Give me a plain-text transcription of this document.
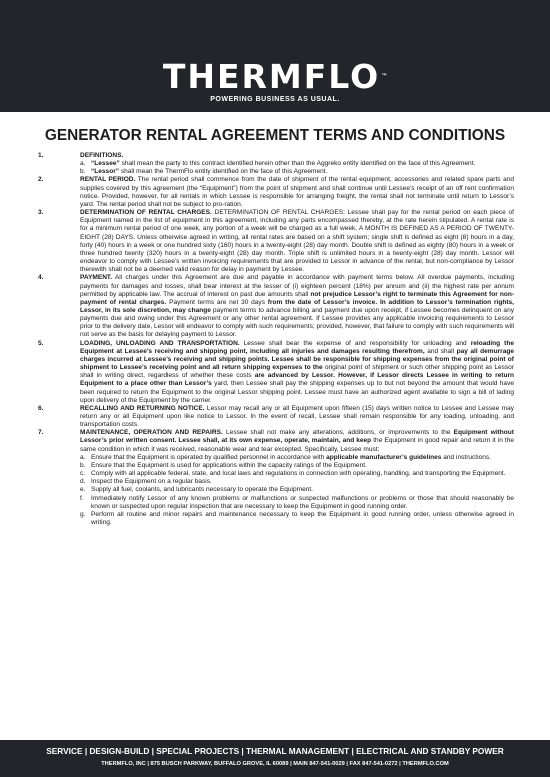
THERMFLO™
POWERING BUSINESS AS USUAL.
GENERATOR RENTAL AGREEMENT TERMS AND CONDITIONS
1.	DEFINITIONS.
a. “Lessee” shall mean the party to this contract identified herein other than the Aggreko entity identified on the face of this Agreement.
b. “Lessor” shall mean the ThermFlo entity identified on the face of this Agreement.
2.	RENTAL PERIOD. The rental period shall commence from the date of shipment of the rental equipment, accessories and related spare parts and supplies covered by this agreement (the “Equipment”) from the point of shipment and shall continue until Lessee’s receipt of an off rent confirmation notice. Provided, however, for all rentals in which Lessee is responsible for arranging freight, the rental shall not terminate until return to Lessor’s yard. The rental period shall not be subject to pro-ration.
3.	DETERMINATION OF RENTAL CHARGES. DETERMINATION OF RENTAL CHARGES: Lessee shall pay for the rental period on each piece of Equipment named in the list of equipment in this agreement, including any parts encompassed thereby, at the rate herein stipulated. A rental rate is for a minimum rental period of one week, any portion of a week will be charged as a full week. A MONTH IS DEFINED AS A PERIOD OF TWENTY-EIGHT (28) DAYS. Unless otherwise agreed in writing, all rental rates are based on a shift system; single shift is defined as eight (8) hours in a day, forty (40) hours in a week or one hundred sixty (160) hours in a twenty-eight (28) day month. Double shift is defined as eighty (80) hours in a week or three hundred twenty (320) hours in a twenty-eight (28) day month. Triple shift is unlimited hours in a twenty-eight (28) day month. Lessor will endeavor to comply with Lessee’s written invoicing requirements that are provided to Lessor in advance of the rental, but non-compliance by Lessor therewith shall not be a deemed valid reason for delay in payment by Lessee.
4.	PAYMENT. All charges under this Agreement are due and payable in accordance with payment terms below. All overdue payments, including payments for damages and losses, shall bear interest at the lesser of (i) eighteen percent (18%) per annum and (ii) the highest rate per annum permitted by applicable law. The accrual of interest on past due amounts shall not prejudice Lessor’s right to terminate this Agreement for non-payment of rental charges. Payment terms are net 30 days from the date of Lessor’s invoice. In addition to Lessor’s termination rights, Lessor, in its sole discretion, may change payment terms to advance billing and payment due upon receipt, if Lessee becomes delinquent on any payments due and owing under this Agreement or any other rental agreement. If Lessee provides any applicable invoicing requirements to Lessor prior to the delivery date, Lessor will endeavor to comply with such requirements; provided, however, that failure to comply with such requirements will not serve as the basis for delaying payment to Lessor.
5.	LOADING, UNLOADING AND TRANSPORTATION. Lessee shall bear the expense of and responsibility for unloading and reloading the Equipment at Lessee’s receiving and shipping point, including all injuries and damages resulting therefrom, and shall pay all demurrage charges incurred at Lessee’s receiving and shipping points. Lessee shall be responsible for shipping expenses from the original point of shipment to Lessee’s receiving point and all return shipping expenses to the original point of shipment or such other shipping point as Lessor shall in writing direct, regardless of whether these costs are advanced by Lessor. However, if Lessor directs Lessee in writing to return Equipment to a place other than Lessor’s yard, then Lessee shall pay the shipping expenses up to but not beyond the amount that would have been required to return the Equipment to the original Lessor shipping point. Lessee must have an authorized agent available to sign a bill of lading upon delivery of the Equipment by the carrier.
6.	RECALLING AND RETURNING NOTICE. Lessor may recall any or all Equipment upon fifteen (15) days written notice to Lessee and Lessee may return any or all Equipment upon like notice to Lessor. In the event of recall, Lessee shall remain responsible for any loading, unloading, and transportation costs.
7.	MAINTENANCE, OPERATION AND REPAIRS. Lessee shall not make any alterations, additions, or improvements to the Equipment without Lessor’s prior written consent. Lessee shall, at its own expense, operate, maintain, and keep the Equipment in good repair and return it in the same condition in which it was received, reasonable wear and tear excepted. Specifically, Lessee must:
a. Ensure that the Equipment is operated by qualified personnel in accordance with applicable manufacturer’s guidelines and instructions.
b. Ensure that the Equipment is used for applications within the capacity ratings of the Equipment.
c. Comply with all applicable federal, state, and local laws and regulations in connection with operating, handling, and transporting the Equipment.
d. Inspect the Equipment on a regular basis.
e. Supply all fuel, coolants, and lubricants necessary to operate the Equipment.
f. Immediately notify Lessor of any known problems or malfunctions or suspected malfunctions or problems or those that should reasonably be known or suspected upon regular inspection that are necessary to keep the Equipment in good running order.
g. Perform all routine and minor repairs and maintenance necessary to keep the Equipment in good running order, unless otherwise agreed in writing.
SERVICE | DESIGN-BUILD | SPECIAL PROJECTS | THERMAL MANAGEMENT | ELECTRICAL AND STANDBY POWER
THERMFLO, INC | 875 BUSCH PARKWAY, BUFFALO GROVE, IL 60089 | MAIN 847-541-0029 | FAX 847-541-0272 | THERMFLO.COM
